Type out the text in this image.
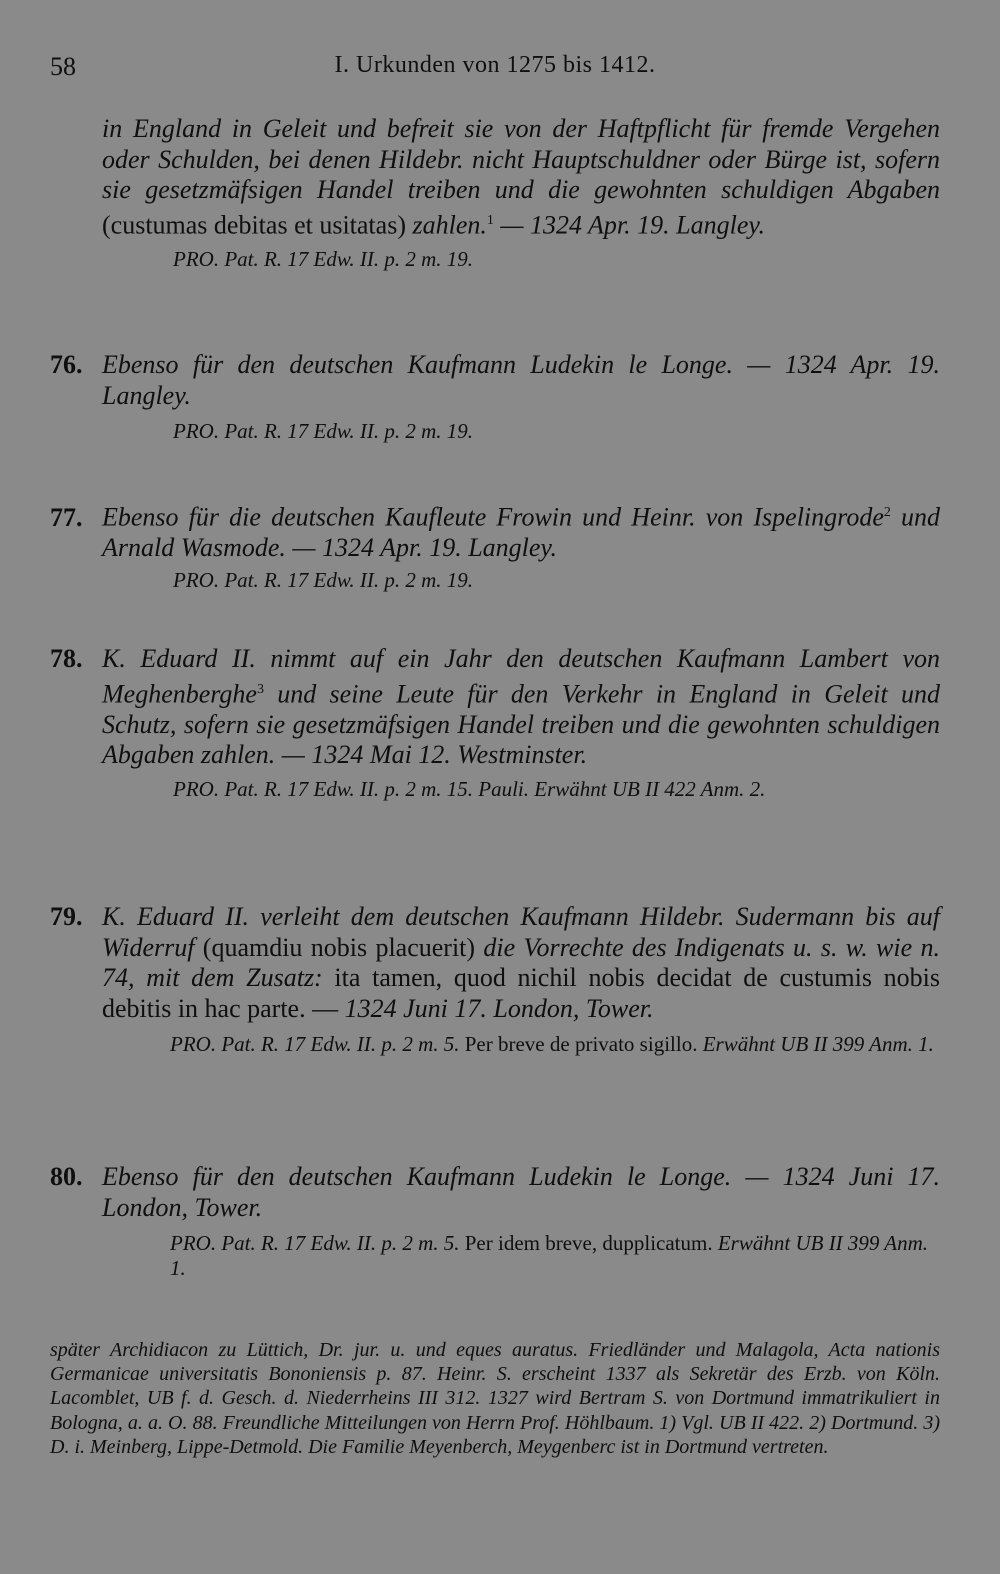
58	I. Urkunden von 1275 bis 1412.
in England in Geleit und befreit sie von der Haftpflicht für fremde Vergehen oder Schulden, bei denen Hildebr. nicht Hauptschuldner oder Bürge ist, sofern sie gesetzmäfsigen Handel treiben und die gewohnten schuldigen Abgaben (custumas debitas et usitatas) zahlen.$^1$ — 1324 Apr. 19. Langley.
PRO. Pat. R. 17 Edw. II. p. 2 m. 19.
76. Ebenso für den deutschen Kaufmann Ludekin le Longe. — 1324 Apr. 19. Langley.
PRO. Pat. R. 17 Edw. II. p. 2 m. 19.
77. Ebenso für die deutschen Kaufleute Frowin und Heinr. von Ispelingrode$^2$ und Arnald Wasmode. — 1324 Apr. 19. Langley.
PRO. Pat. R. 17 Edw. II. p. 2 m. 19.
78. K. Eduard II. nimmt auf ein Jahr den deutschen Kaufmann Lambert von Meghenberghe$^3$ und seine Leute für den Verkehr in England in Geleit und Schutz, sofern sie gesetzmäfsigen Handel treiben und die gewohnten schuldigen Abgaben zahlen. — 1324 Mai 12. Westminster.
PRO. Pat. R. 17 Edw. II. p. 2 m. 15. Pauli. Erwähnt UB II 422 Anm. 2.
79. K. Eduard II. verleiht dem deutschen Kaufmann Hildebr. Sudermann bis auf Widerruf (quamdiu nobis placuerit) die Vorrechte des Indigenats u. s. w. wie n. 74, mit dem Zusatz: ita tamen, quod nichil nobis decidat de custumis nobis debitis in hac parte. — 1324 Juni 17. London, Tower.
PRO. Pat. R. 17 Edw. II. p. 2 m. 5. Per breve de privato sigillo. Erwähnt UB II 399 Anm. 1.
80. Ebenso für den deutschen Kaufmann Ludekin le Longe. — 1324 Juni 17. London, Tower.
PRO. Pat. R. 17 Edw. II. p. 2 m. 5. Per idem breve, dupplicatum. Erwähnt UB II 399 Anm. 1.
später Archidiacon zu Lüttich, Dr. jur. u. und eques auratus. Friedländer und Malagola, Acta nationis Germanicae universitatis Bononiensis p. 87. Heinr. S. erscheint 1337 als Sekretär des Erzb. von Köln. Lacomblet, UB f. d. Gesch. d. Niederrheins III 312. 1327 wird Bertram S. von Dortmund immatrikuliert in Bologna, a. a. O. 88. Freundliche Mitteilungen von Herrn Prof. Höhlbaum. 1) Vgl. UB II 422. 2) Dortmund. 3) D. i. Meinberg, Lippe-Detmold. Die Familie Meyenberch, Meygenberc ist in Dortmund vertreten.
